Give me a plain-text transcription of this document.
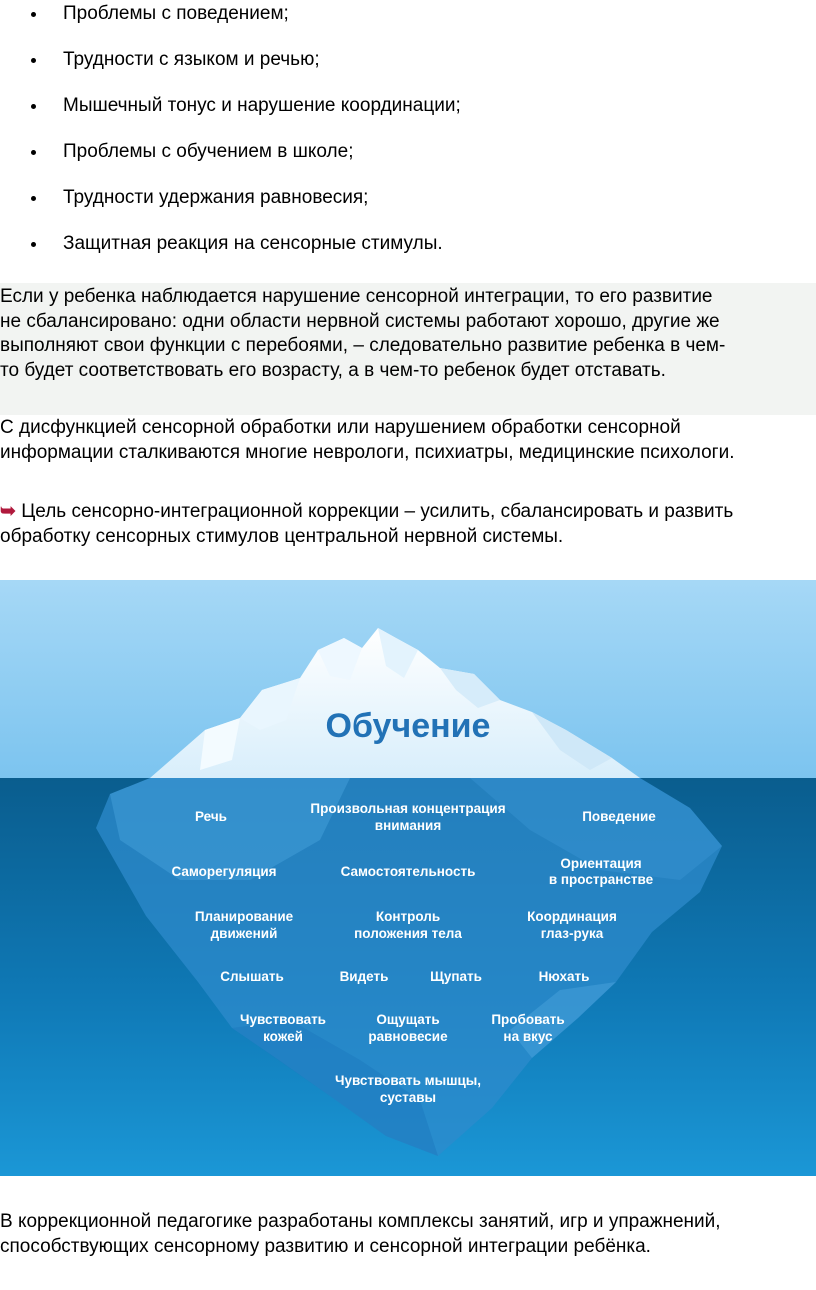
Проблемы с поведением;
Трудности с языком и речью;
Мышечный тонус и нарушение координации;
Проблемы с обучением в школе;
Трудности удержания равновесия;
Защитная реакция на сенсорные стимулы.
Если у ребенка наблюдается нарушение сенсорной интеграции, то его развитие
не сбалансировано: одни области нервной системы работают хорошо, другие же
выполняют свои функции с перебоями, – следовательно развитие ребенка в чем-
то будет соответствовать его возрасту, а в чем-то ребенок будет отставать.
С дисфункцией сенсорной обработки или нарушением обработки сенсорной
информации сталкиваются многие неврологи, психиатры, медицинские психологи.
➥ Цель сенсорно-интеграционной коррекции – усилить, сбалансировать и развить
обработку сенсорных стимулов центральной нервной системы.
Обучение
Речь
Произвольная концентрация
внимания
Поведение
Саморегуляция	Самостоятельность
Ориентация
в пространстве
Планирование
движений
Контроль
положения тела
Координация
глаз-рука
Слышать	Видеть	Щупать	Нюхать
Чувствовать
кожей
Ощущать
равновесие
Пробовать
на вкус
Чувствовать мышцы,
суставы
В коррекционной педагогике разработаны комплексы занятий, игр и упражнений,
способствующих сенсорному развитию и сенсорной интеграции ребёнка.
